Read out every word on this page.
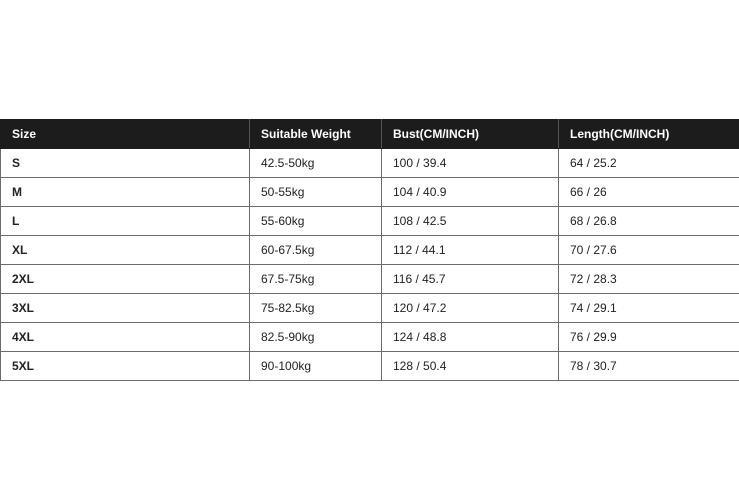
Size	Suitable Weight	Bust(CM/INCH)	Length(CM/INCH)
S	42.5-50kg	100 / 39.4	64 / 25.2
M	50-55kg	104 / 40.9	66 / 26
L	55-60kg	108 / 42.5	68 / 26.8
XL	60-67.5kg	112 / 44.1	70 / 27.6
2XL	67.5-75kg	116 / 45.7	72 / 28.3
3XL	75-82.5kg	120 / 47.2	74 / 29.1
4XL	82.5-90kg	124 / 48.8	76 / 29.9
5XL	90-100kg	128 / 50.4	78 / 30.7
